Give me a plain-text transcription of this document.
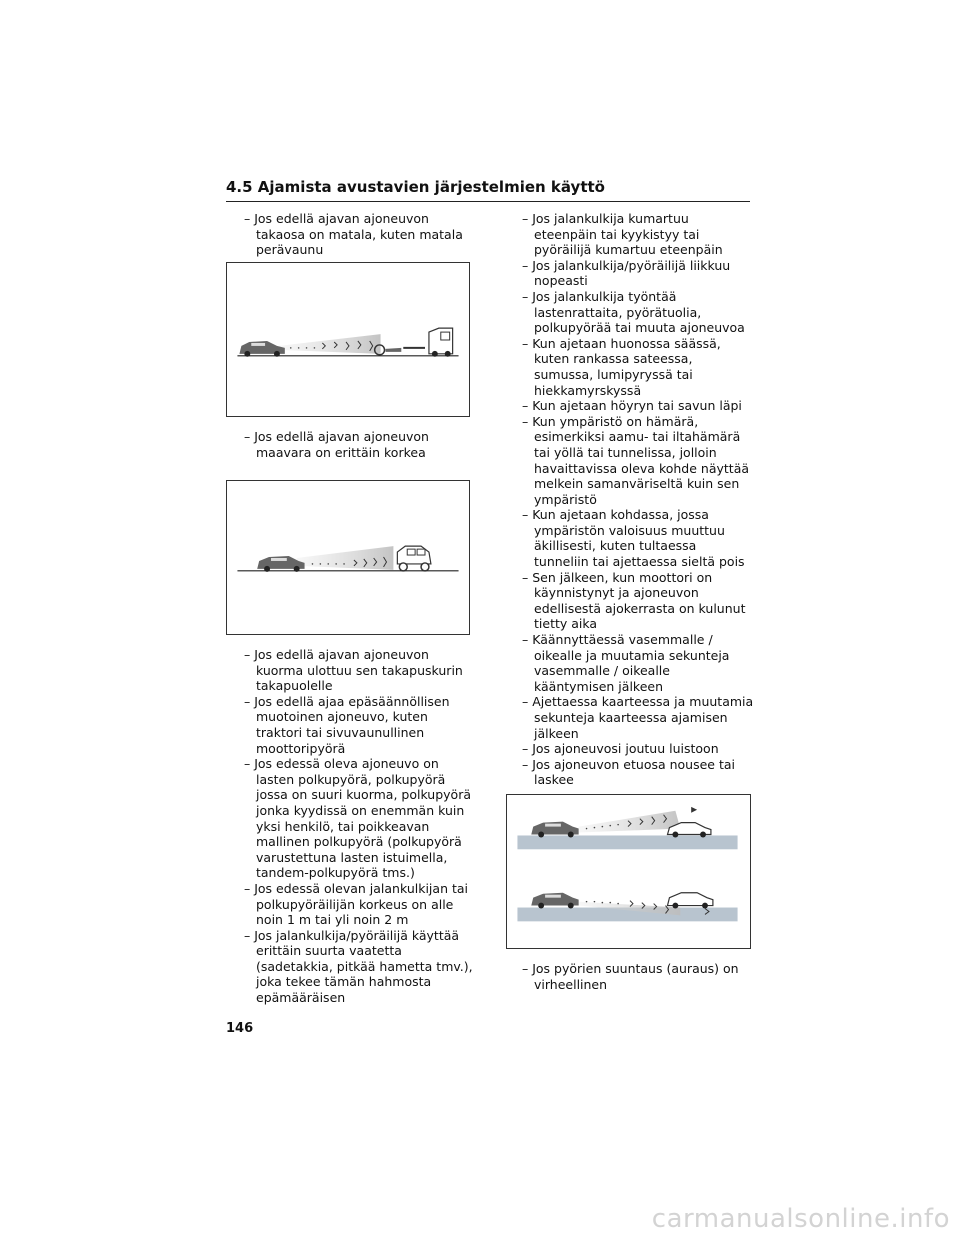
4.5 Ajamista avustavien järjestelmien käyttö

– Jos edellä ajavan ajoneuvon takaosa on matala, kuten matala perävaunu

– Jos edellä ajavan ajoneuvon maavara on erittäin korkea

– Jos edellä ajavan ajoneuvon kuorma ulottuu sen takapuskurin takapuolelle

– Jos edellä ajaa epäsäännöllisen muotoinen ajoneuvo, kuten traktori tai sivuvaunullinen moottoripyörä

– Jos edessä oleva ajoneuvo on lasten polkupyörä, polkupyörä jossa on suuri kuorma, polkupyörä jonka kyydissä on enemmän kuin yksi henkilö, tai poikkeavan mallinen polkupyörä (polkupyörä varustettuna lasten istuimella, tandem-polkupyörä tms.)

– Jos edessä olevan jalankulkijan tai polkupyöräilijän korkeus on alle noin 1 m tai yli noin 2 m

– Jos jalankulkija/pyöräilijä käyttää erittäin suurta vaatetta (sadetakkia, pitkää hametta tmv.), joka tekee tämän hahmosta epämääräisen

– Jos jalankulkija kumartuu eteenpäin tai kyykistyy tai pyöräilijä kumartuu eteenpäin

– Jos jalankulkija/pyöräilijä liikkuu nopeasti

– Jos jalankulkija työntää lastenrattaita, pyörätuolia, polkupyörää tai muuta ajoneuvoa

– Kun ajetaan huonossa säässä, kuten rankassa sateessa, sumussa, lumipyryssä tai hiekkamyrskyssä

– Kun ajetaan höyryn tai savun läpi

– Kun ympäristö on hämärä, esimerkiksi aamu- tai iltahämärä tai yöllä tai tunnelissa, jolloin havaittavissa oleva kohde näyttää melkein samanväriseltä kuin sen ympäristö

– Kun ajetaan kohdassa, jossa ympäristön valoisuus muuttuu äkillisesti, kuten tultaessa tunneliin tai ajettaessa sieltä pois

– Sen jälkeen, kun moottori on käynnistynyt ja ajoneuvon edellisestä ajokerrasta on kulunut tietty aika

– Käännyttäessä vasemmalle / oikealle ja muutamia sekunteja vasemmalle / oikealle kääntymisen jälkeen

– Ajettaessa kaarteessa ja muutamia sekunteja kaarteessa ajamisen jälkeen

– Jos ajoneuvosi joutuu luistoon

– Jos ajoneuvon etuosa nousee tai laskee

– Jos pyörien suuntaus (auraus) on virheellinen

146
carmanualsonline.info
